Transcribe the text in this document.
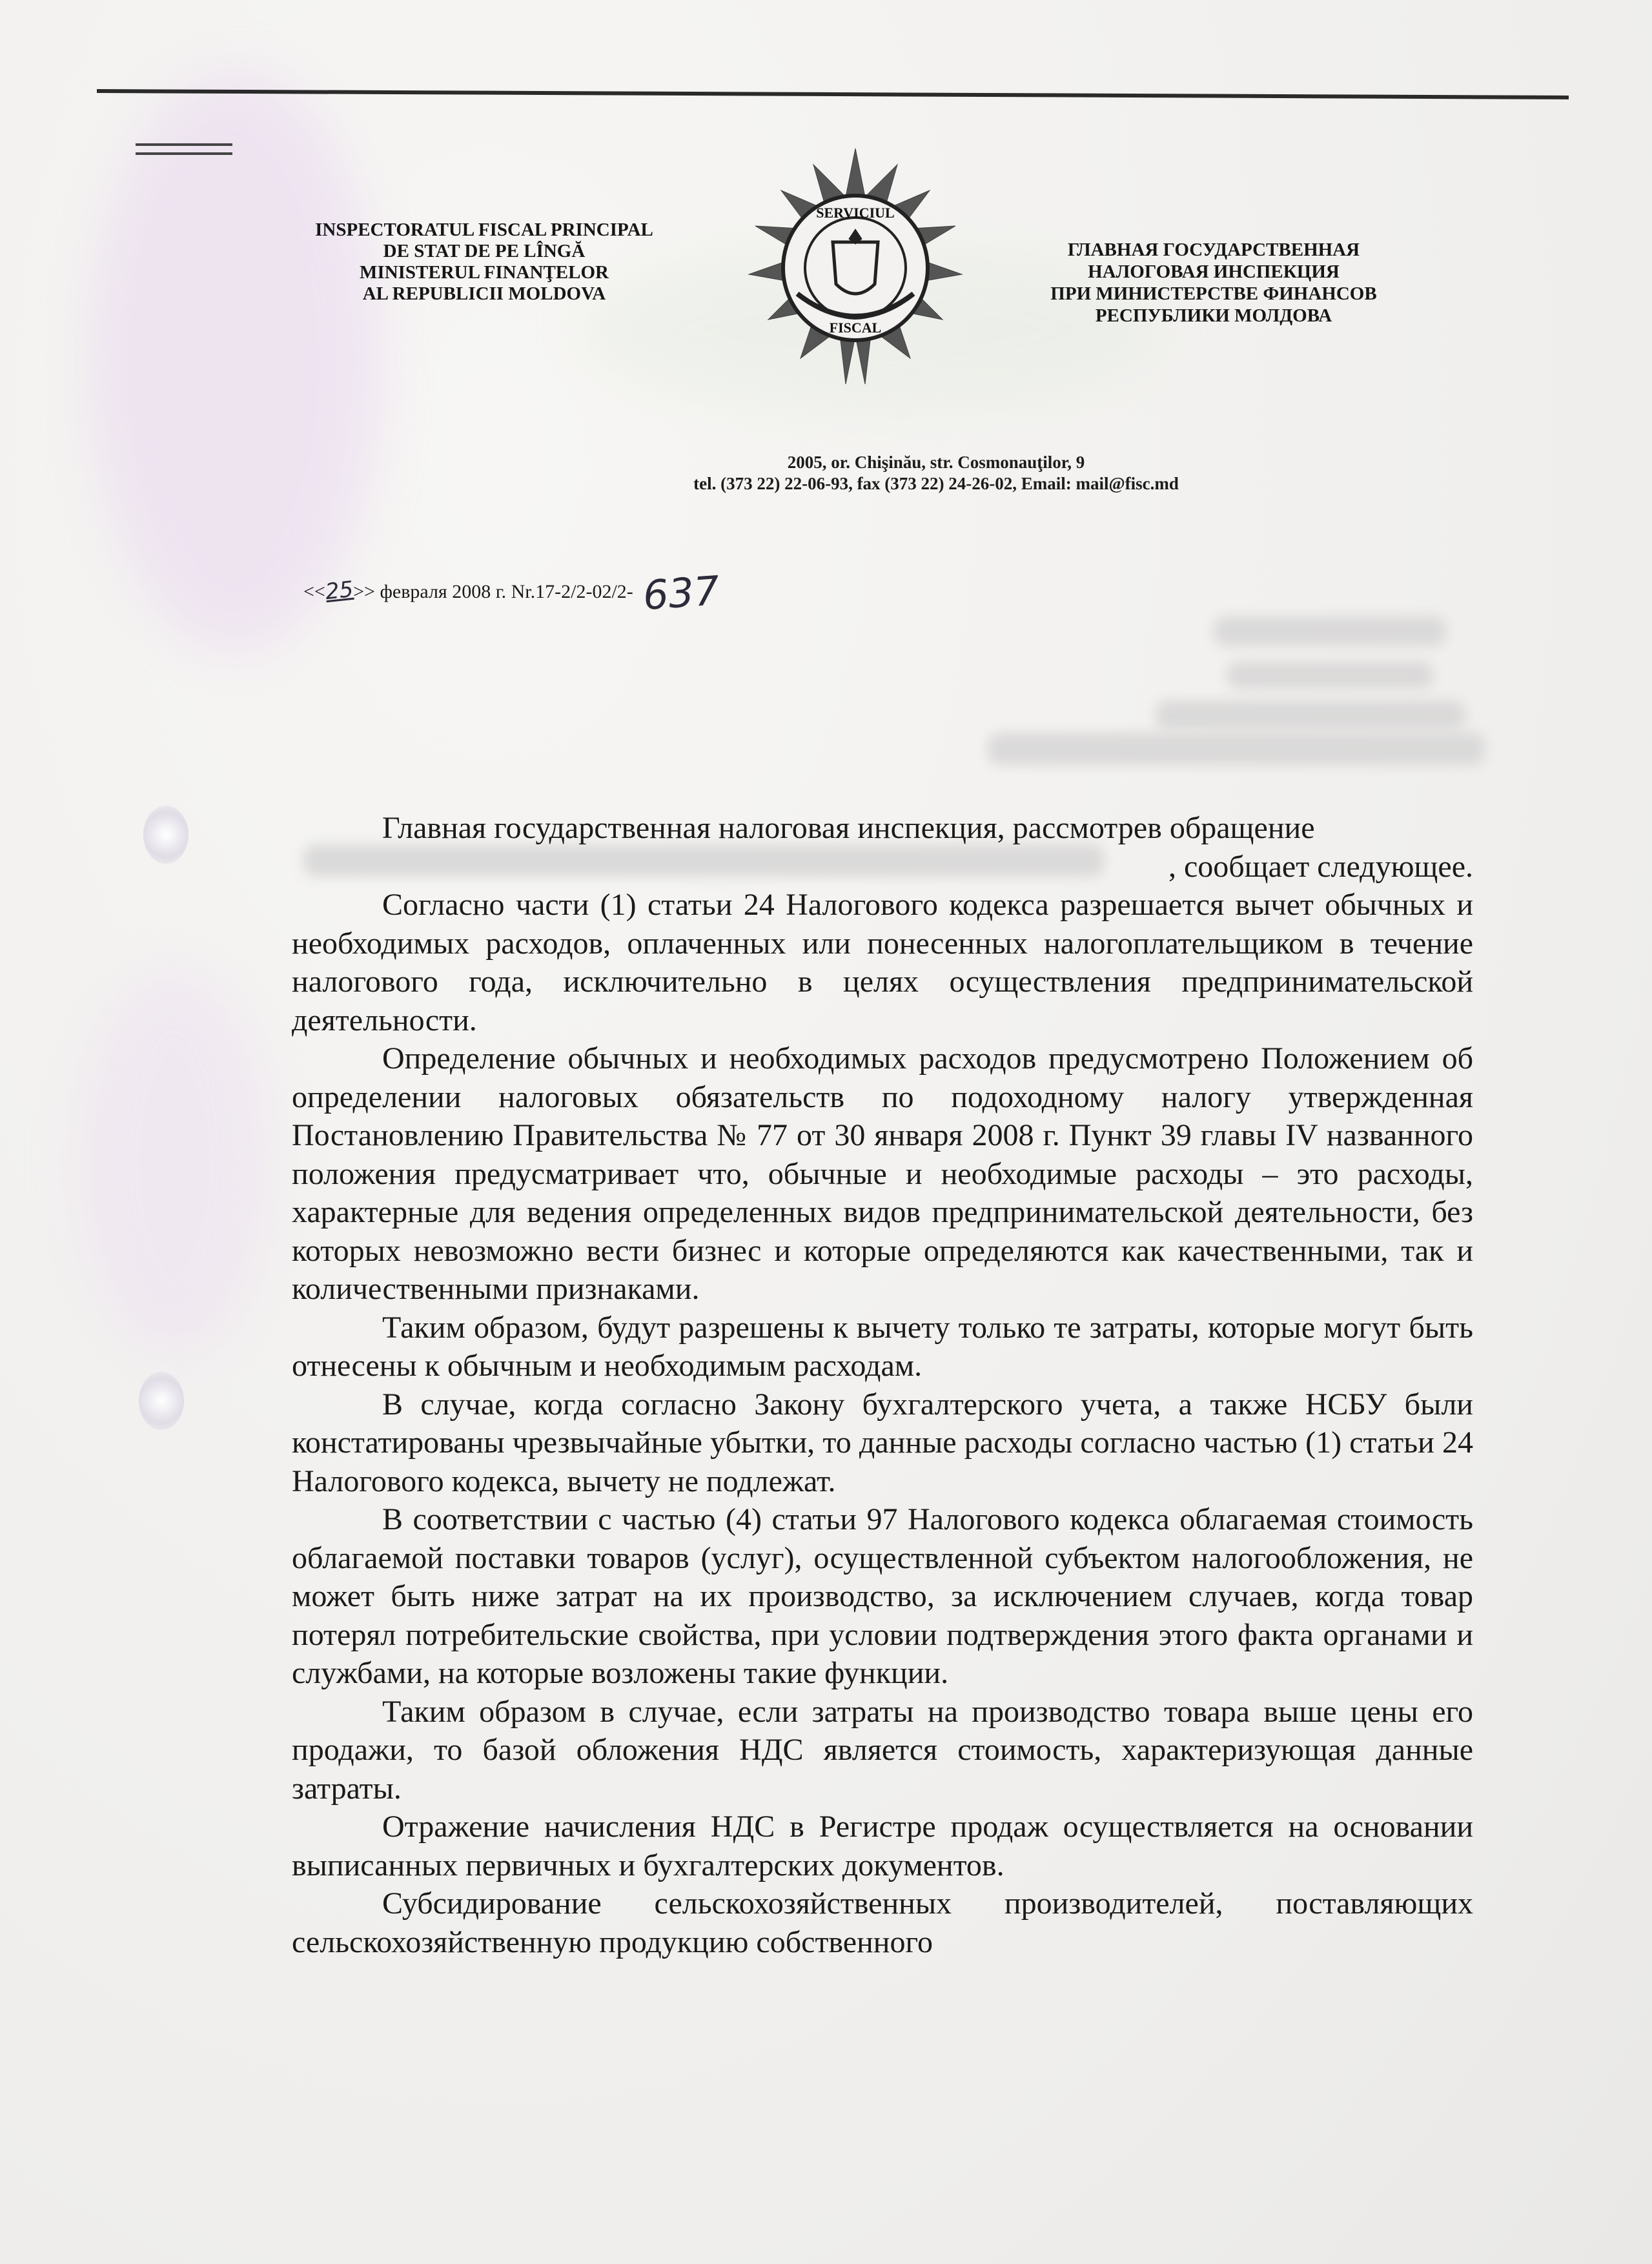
INSPECTORATUL FISCAL PRINCIPAL
DE STAT DE PE LÎNGĂ
MINISTERUL FINANŢELOR
AL REPUBLICII MOLDOVA
SERVICIUL
FISCAL
ГЛАВНАЯ ГОСУДАРСТВЕННАЯ
НАЛОГОВАЯ ИНСПЕКЦИЯ
ПРИ МИНИСТЕРСТВЕ ФИНАНСОВ
РЕСПУБЛИКИ МОЛДОВА
2005, or. Chişinău, str. Cosmonauţilor, 9
tel. (373 22) 22-06-93, fax (373 22) 24-26-02, Email: mail@fisc.md
<<25>> февраля 2008 г. Nr.17-2/2-02/2- 637

Главная государственная налоговая инспекция, рассмотрев обращение

, сообщает следующее.

Согласно части (1) статьи 24 Налогового кодекса разрешается вычет обычных и необходимых расходов, оплаченных или понесенных налогоплательщиком в течение налогового года, исключительно в целях осуществления предпринимательской деятельности.

Определение обычных и необходимых расходов предусмотрено Положением об определении налоговых обязательств по подоходному налогу утвержденная Постановлению Правительства № 77 от 30 января 2008 г. Пункт 39 главы IV названного положения предусматривает что, обычные и необходимые расходы – это расходы, характерные для ведения определенных видов предпринимательской деятельности, без которых невозможно вести бизнес и которые определяются как качественными, так и количественными признаками.

Таким образом, будут разрешены к вычету только те затраты, которые могут быть отнесены к обычным и необходимым расходам.

В случае, когда согласно Закону бухгалтерского учета, а также НСБУ были констатированы чрезвычайные убытки, то данные расходы согласно частью (1) статьи 24 Налогового кодекса, вычету не подлежат.

В соответствии с частью (4) статьи 97 Налогового кодекса облагаемая стоимость облагаемой поставки товаров (услуг), осуществленной субъектом налогообложения, не может быть ниже затрат на их производство, за исключением случаев, когда товар потерял потребительские свойства, при условии подтверждения этого факта органами и службами, на которые возложены такие функции.

Таким образом в случае, если затраты на производство товара выше цены его продажи, то базой обложения НДС является стоимость, характеризующая данные затраты.

Отражение начисления НДС в Регистре продаж осуществляется на основании выписанных первичных и бухгалтерских документов.

Субсидирование сельскохозяйственных производителей, поставляющих сельскохозяйственную продукцию собственного
